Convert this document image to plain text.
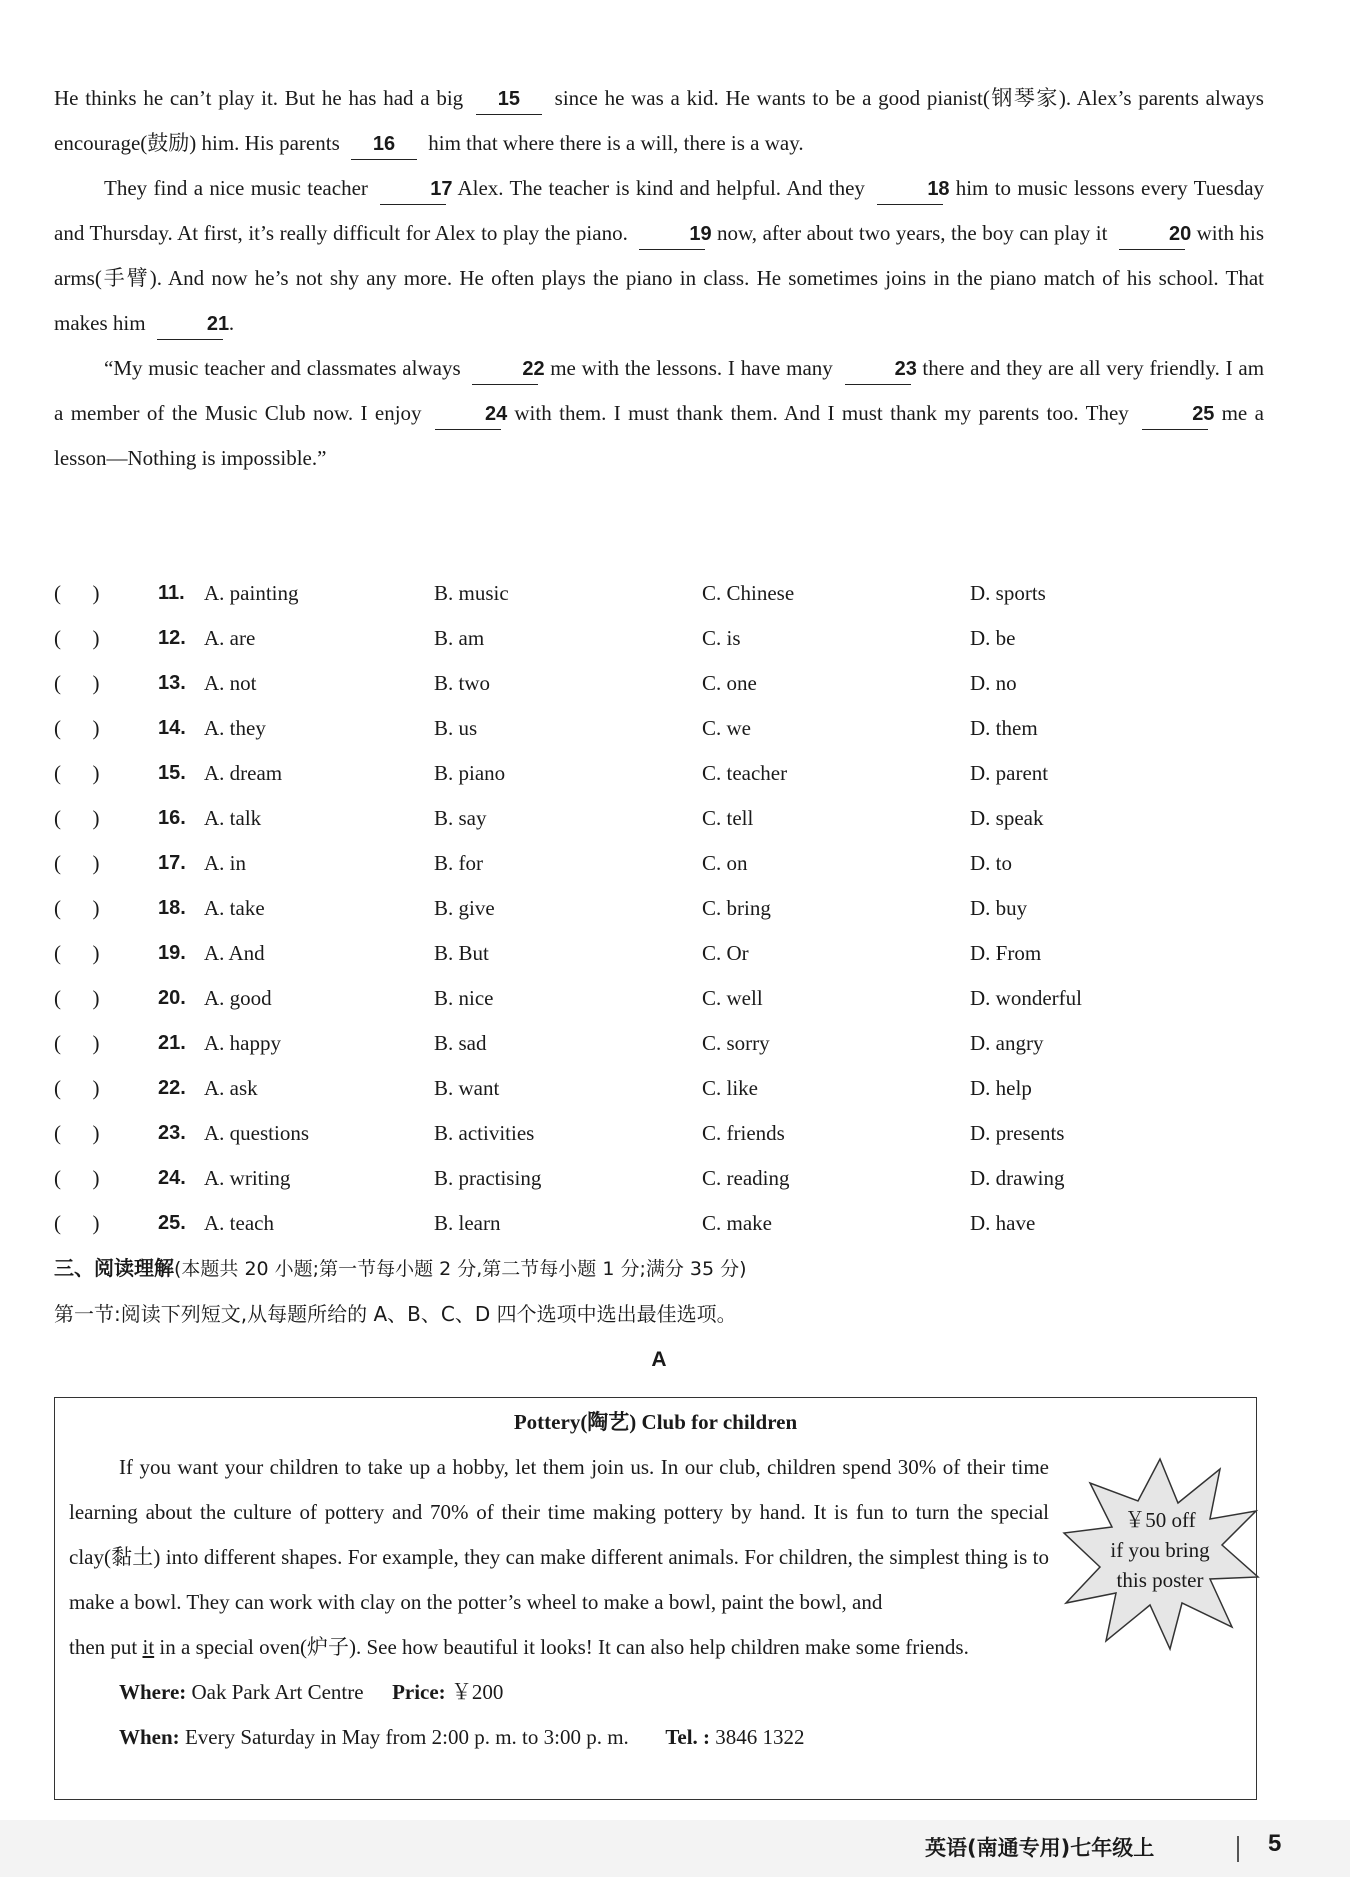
He thinks he can’t play it. But he has had a big 15 since he was a kid. He wants to be a good pianist(钢琴家). Alex’s parents always encourage(鼓励) him. His parents 16 him that where there is a will, there is a way.

They find a nice music teacher	17 Alex. The teacher is kind and helpful. And they	18 him to music lessons every Tuesday and Thursday. At first, it’s really difficult for Alex to play the piano.	19 now, after about two years, the boy can play it	20 with his arms(手臂). And now he’s not shy any more. He often plays the piano in class. He sometimes joins in the piano match of his school. That makes him	21.

“My music teacher and classmates always	22 me with the lessons. I have many	23 there and they are all very friendly. I am a member of the Music Club now. I enjoy	24 with them. I must thank them. And I must thank my parents too. They	25 me a lesson—Nothing is impossible.”

(      )	11. A. painting	B. music	C. Chinese	D. sports
(      )	12. A. are	B. am	C. is	D. be
(      )	13. A. not	B. two	C. one	D. no
(      )	14. A. they	B. us	C. we	D. them
(      )	15. A. dream	B. piano	C. teacher	D. parent
(      )	16. A. talk	B. say	C. tell	D. speak
(      )	17. A. in	B. for	C. on	D. to
(      )	18. A. take	B. give	C. bring	D. buy
(      )	19. A. And	B. But	C. Or	D. From
(      )	20. A. good	B. nice	C. well	D. wonderful
(      )	21. A. happy	B. sad	C. sorry	D. angry
(      )	22. A. ask	B. want	C. like	D. help
(      )	23. A. questions	B. activities	C. friends	D. presents
(      )	24. A. writing	B. practising	C. reading	D. drawing
(      )	25. A. teach	B. learn	C. make	D. have
三、阅读理解(本题共 20 小题;第一节每小题 2 分,第二节每小题 1 分;满分 35 分)
第一节:阅读下列短文,从每题所给的 A、B、C、D 四个选项中选出最佳选项。
A
Pottery(陶艺) Club for children

If you want your children to take up a hobby, let them join us. In our club, children spend 30% of their time learning about the culture of pottery and 70% of their time making pottery by hand. It is fun to turn the special clay(黏土) into different shapes. For example, they can make different animals. For children, the simplest thing is to make a bowl. They can work with clay on the potter’s wheel to make a bowl, paint the bowl, and

then put it in a special oven(炉子). See how beautiful it looks! It can also help children make some friends.

Where: Oak Park Art Centre Price: ￥200
When: Every Saturday in May from 2:00 p. m. to 3:00 p. m. Tel. : 3846 1322
￥50 off
if you bring
this poster
英语(南通专用)七年级上	5
